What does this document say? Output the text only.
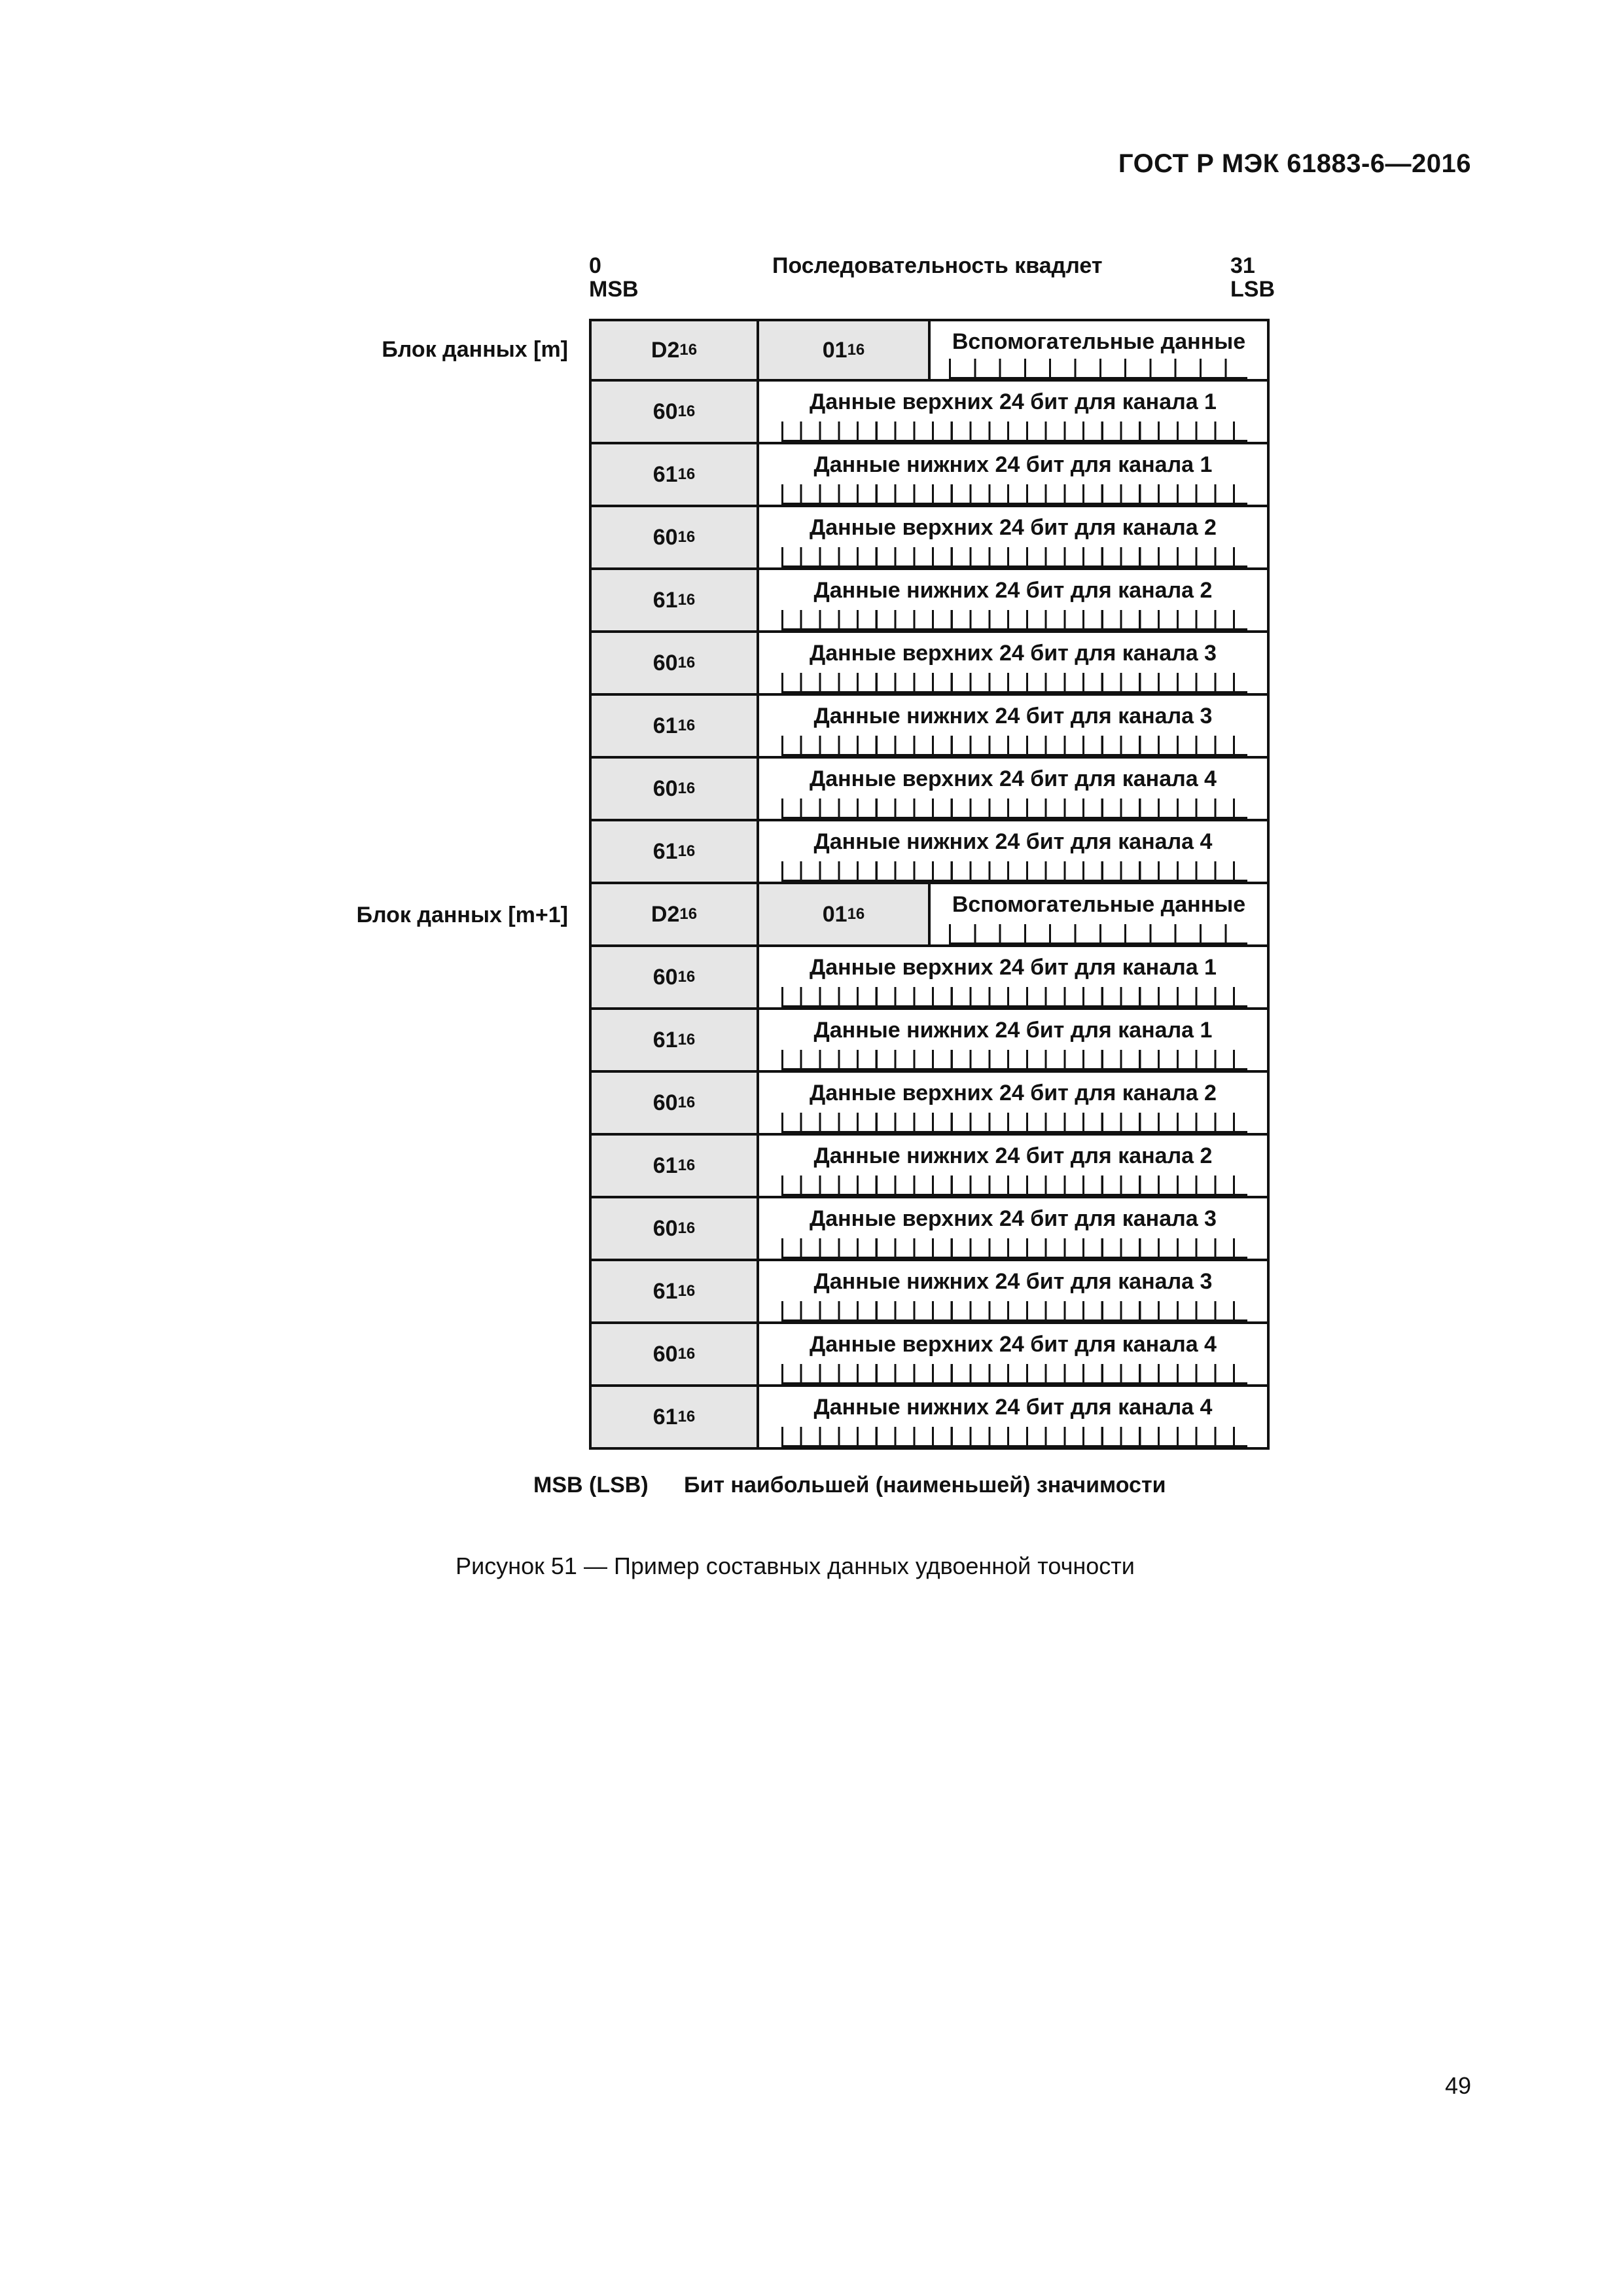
ГОСТ Р МЭК 61883-6—2016
0
MSB
Последовательность квадлет	31
LSB
D2 16	01 16	Вспомогательные данные
60 16	Данные верхних 24 бит для канала 1
61 16	Данные нижних 24 бит для канала 1
60 16	Данные верхних 24 бит для канала 2
61 16	Данные нижних 24 бит для канала 2
60 16	Данные верхних 24 бит для канала 3
61 16	Данные нижних 24 бит для канала 3
60 16	Данные верхних 24 бит для канала 4
61 16	Данные нижних 24 бит для канала 4
D2 16	01 16	Вспомогательные данные
60 16	Данные верхних 24 бит для канала 1
61 16	Данные нижних 24 бит для канала 1
60 16	Данные верхних 24 бит для канала 2
61 16	Данные нижних 24 бит для канала 2
60 16	Данные верхних 24 бит для канала 3
61 16	Данные нижних 24 бит для канала 3
60 16	Данные верхних 24 бит для канала 4
61 16	Данные нижних 24 бит для канала 4
MSB (LSB) Бит наибольшей (наименьшей) значимости
Рисунок 51 — Пример составных данных удвоенной точности
Блок данных [m]
Блок данных [m+1]
49
